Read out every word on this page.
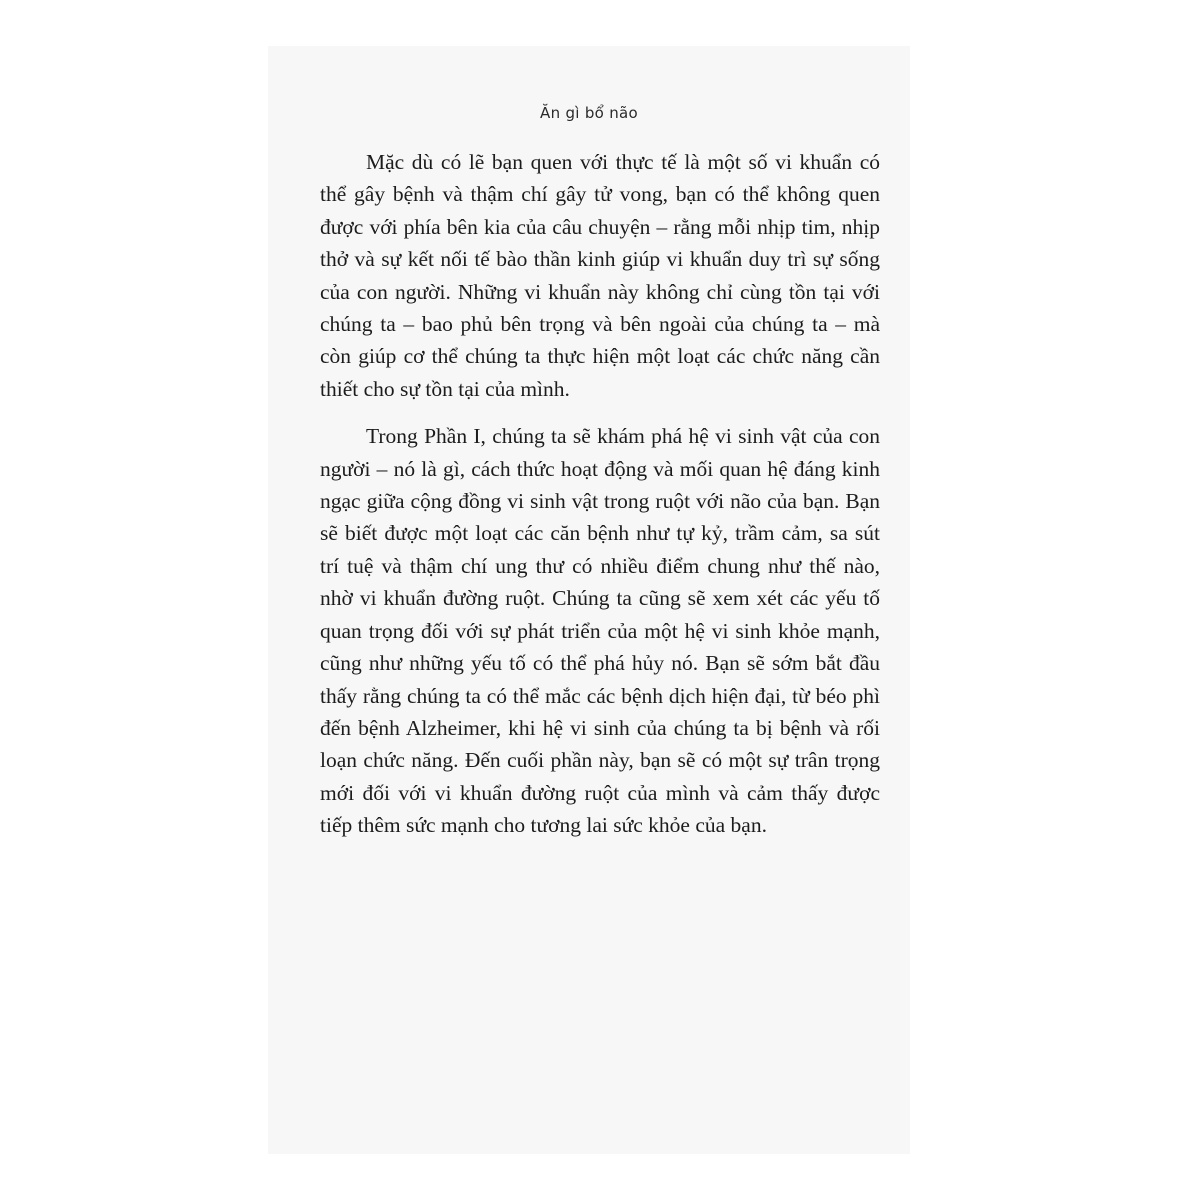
Ăn gì bổ não

Mặc dù có lẽ bạn quen với thực tế là một số vi khuẩn có thể gây bệnh và thậm chí gây tử vong, bạn có thể không quen được với phía bên kia của câu chuyện – rằng mỗi nhịp tim, nhịp thở và sự kết nối tế bào thần kinh giúp vi khuẩn duy trì sự sống của con người. Những vi khuẩn này không chỉ cùng tồn tại với chúng ta – bao phủ bên trọng và bên ngoài của chúng ta – mà còn giúp cơ thể chúng ta thực hiện một loạt các chức năng cần thiết cho sự tồn tại của mình.

Trong Phần I, chúng ta sẽ khám phá hệ vi sinh vật của con người – nó là gì, cách thức hoạt động và mối quan hệ đáng kinh ngạc giữa cộng đồng vi sinh vật trong ruột với não của bạn. Bạn sẽ biết được một loạt các căn bệnh như tự kỷ, trầm cảm, sa sút trí tuệ và thậm chí ung thư có nhiều điểm chung như thế nào, nhờ vi khuẩn đường ruột. Chúng ta cũng sẽ xem xét các yếu tố quan trọng đối với sự phát triển của một hệ vi sinh khỏe mạnh, cũng như những yếu tố có thể phá hủy nó. Bạn sẽ sớm bắt đầu thấy rằng chúng ta có thể mắc các bệnh dịch hiện đại, từ béo phì đến bệnh Alzheimer, khi hệ vi sinh của chúng ta bị bệnh và rối loạn chức năng. Đến cuối phần này, bạn sẽ có một sự trân trọng mới đối với vi khuẩn đường ruột của mình và cảm thấy được tiếp thêm sức mạnh cho tương lai sức khỏe của bạn.
